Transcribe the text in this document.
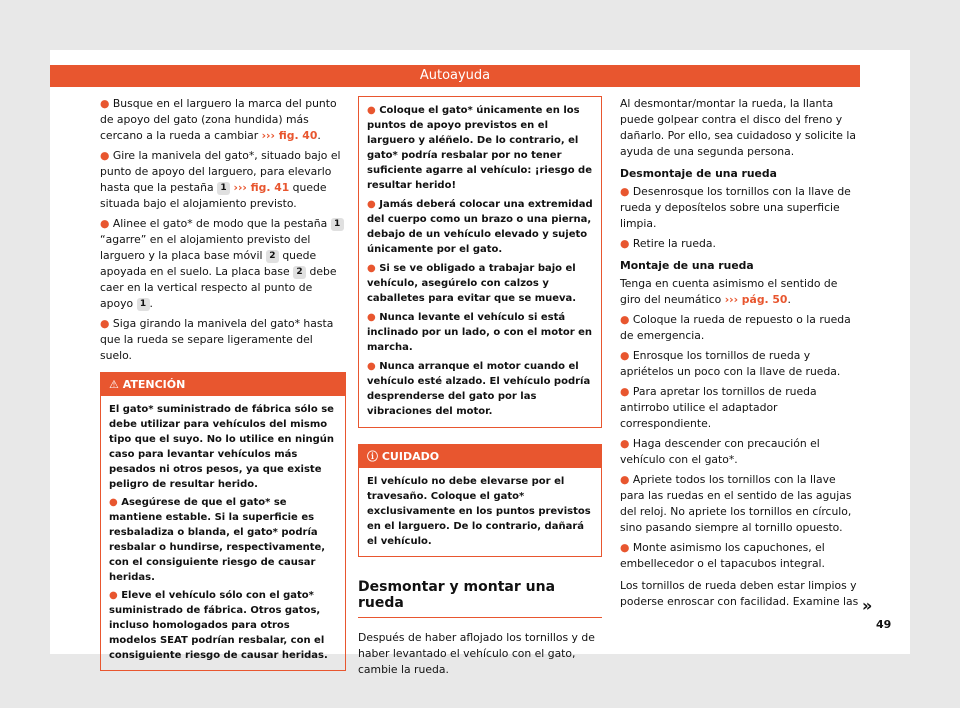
Autoayuda

● Busque en el larguero la marca del punto de apoyo del gato (zona hundida) más cercano a la rueda a cambiar ››› fig. 40.

● Gire la manivela del gato*, situado bajo el punto de apoyo del larguero, para elevarlo hasta que la pestaña 1 ››› fig. 41 quede situada bajo el alojamiento previsto.

● Alinee el gato* de modo que la pestaña 1 “agarre” en el alojamiento previsto del larguero y la placa base móvil 2 quede apoyada en el suelo. La placa base 2 debe caer en la vertical respecto al punto de apoyo 1 .

● Siga girando la manivela del gato* hasta que la rueda se separe ligeramente del suelo.

⚠ ATENCIÓN

El gato* suministrado de fábrica sólo se debe utilizar para vehículos del mismo tipo que el suyo. No lo utilice en ningún caso para levantar vehículos más pesados ni otros pesos, ya que existe peligro de resultar herido.

● Asegúrese de que el gato* se mantiene estable. Si la superficie es resbaladiza o blanda, el gato* podría resbalar o hundirse, respectivamente, con el consiguiente riesgo de causar heridas.

● Eleve el vehículo sólo con el gato* suministrado de fábrica. Otros gatos, incluso homologados para otros modelos SEAT podrían resbalar, con el consiguiente riesgo de causar heridas.

● Coloque el gato* únicamente en los puntos de apoyo previstos en el larguero y aléñelo. De lo contrario, el gato* podría resbalar por no tener suficiente agarre al vehículo: ¡riesgo de resultar herido!

● Jamás deberá colocar una extremidad del cuerpo como un brazo o una pierna, debajo de un vehículo elevado y sujeto únicamente por el gato.

● Si se ve obligado a trabajar bajo el vehículo, asegúrelo con calzos y caballetes para evitar que se mueva.

● Nunca levante el vehículo si está inclinado por un lado, o con el motor en marcha.

● Nunca arranque el motor cuando el vehículo esté alzado. El vehículo podría desprenderse del gato por las vibraciones del motor.

ⓘ CUIDADO

El vehículo no debe elevarse por el travesaño. Coloque el gato* exclusivamente en los puntos previstos en el larguero. De lo contrario, dañará el vehículo.

Desmontar y montar una rueda

Después de haber aflojado los tornillos y de haber levantado el vehículo con el gato, cambie la rueda.

Al desmontar/montar la rueda, la llanta puede golpear contra el disco del freno y dañarlo. Por ello, sea cuidadoso y solicite la ayuda de una segunda persona.

Desmontaje de una rueda

● Desenrosque los tornillos con la llave de rueda y deposítelos sobre una superficie limpia.

● Retire la rueda.

Montaje de una rueda

Tenga en cuenta asimismo el sentido de giro del neumático ››› pág. 50.

● Coloque la rueda de repuesto o la rueda de emergencia.

● Enrosque los tornillos de rueda y apriételos un poco con la llave de rueda.

● Para apretar los tornillos de rueda antirrobo utilice el adaptador correspondiente.

● Haga descender con precaución el vehículo con el gato*.

● Apriete todos los tornillos con la llave para las ruedas en el sentido de las agujas del reloj. No apriete los tornillos en círculo, sino pasando siempre al tornillo opuesto.

● Monte asimismo los capuchones, el embellecedor o el tapacubos integral.

Los tornillos de rueda deben estar limpios y poderse enroscar con facilidad. Examine las »
49
